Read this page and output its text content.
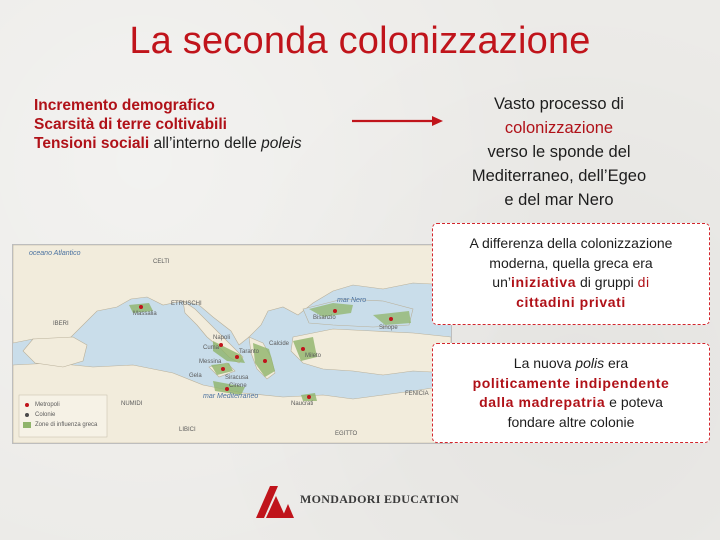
La seconda colonizzazione
Incremento demografico
Scarsità di terre coltivabili
Tensioni sociali all’interno delle poleis
Vasto processo di
colonizzazione
verso le sponde del
Mediterraneo, dell’Egeo
e del mar Nero
oceano Atlantico
CELTI
ETRUSCHI
IBERI
NUMIDI
LIBICI
EGITTO
FENICIA
mar Nero
mar Mediterraneo
Massalia
Napoli
Taranto
Messina
Siracusa
Cuma
Cirene
Mileto
Bisanzio
Sinope
Calcide
Gela
Naucrati
Metropoli
Colonie
Zone di influenza greca
A differenza della colonizzazione
moderna, quella greca era
un’iniziativa di gruppi di
cittadini privati
La nuova polis era
politicamente indipendente
dalla madrepatria e poteva
fondare altre colonie
MONDADORI EDUCATION
